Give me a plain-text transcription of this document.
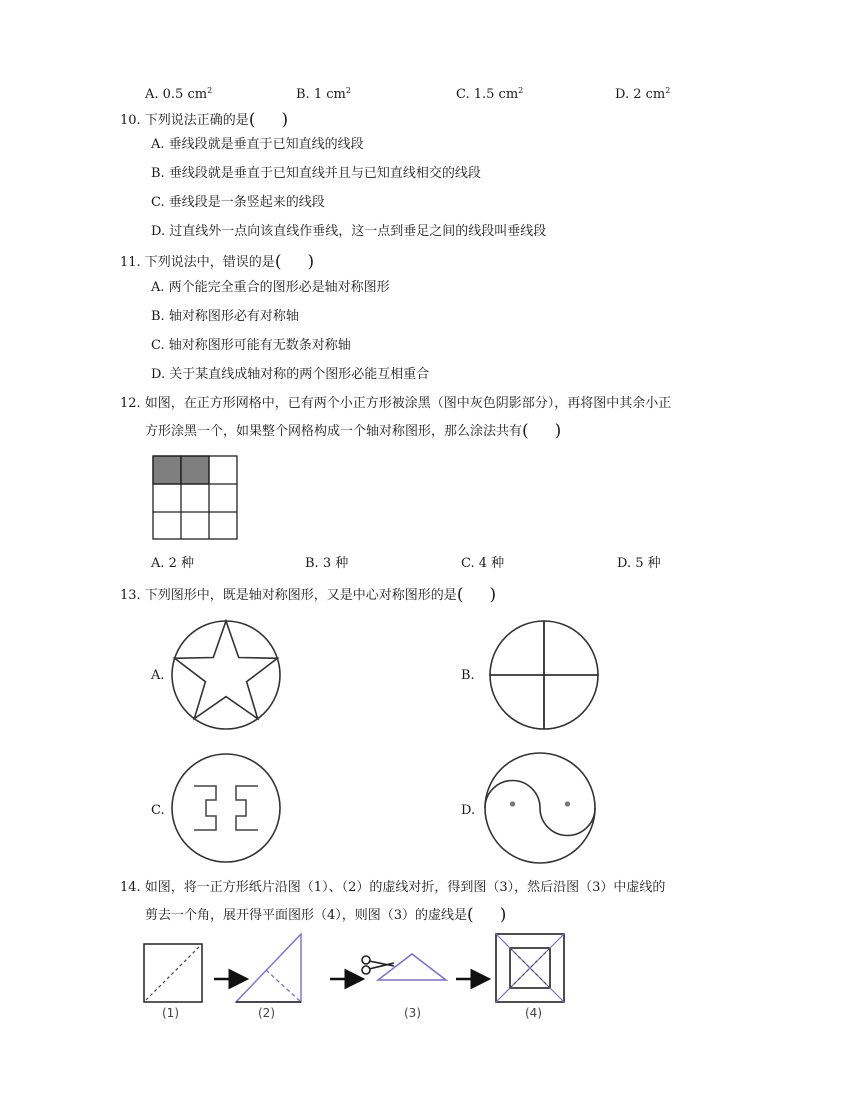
A. 0.5 $cm^2$	B. 1 $cm^2$	C. 1.5 $cm^2$	D. 2 $cm^2$
10. 下列说法正确的是( )
A. 垂线段就是垂直于已知直线的线段
B. 垂线段就是垂直于已知直线并且与已知直线相交的线段
C. 垂线段是一条竖起来的线段
D. 过直线外一点向该直线作垂线，这一点到垂足之间的线段叫垂线段
11. 下列说法中，错误的是( )
A. 两个能完全重合的图形必是轴对称图形
B. 轴对称图形必有对称轴
C. 轴对称图形可能有无数条对称轴
D. 关于某直线成轴对称的两个图形必能互相重合
12. 如图，在正方形网格中，已有两个小正方形被涂黑（图中灰色阴影部分），再将图中其余小正
方形涂黑一个，如果整个网格构成一个轴对称图形，那么涂法共有( )
A. 2 种	B. 3 种	C. 4 种	D. 5 种
13. 下列图形中，既是轴对称图形，又是中心对称图形的是( )
A.	B.
C.	D.
14. 如图，将一正方形纸片沿图（1）、（2）的虚线对折，得到图（3），然后沿图（3）中虚线的
剪去一个角，展开得平面图形（4），则图（3）的虚线是( )
(1)	(2)	(3)	(4)
